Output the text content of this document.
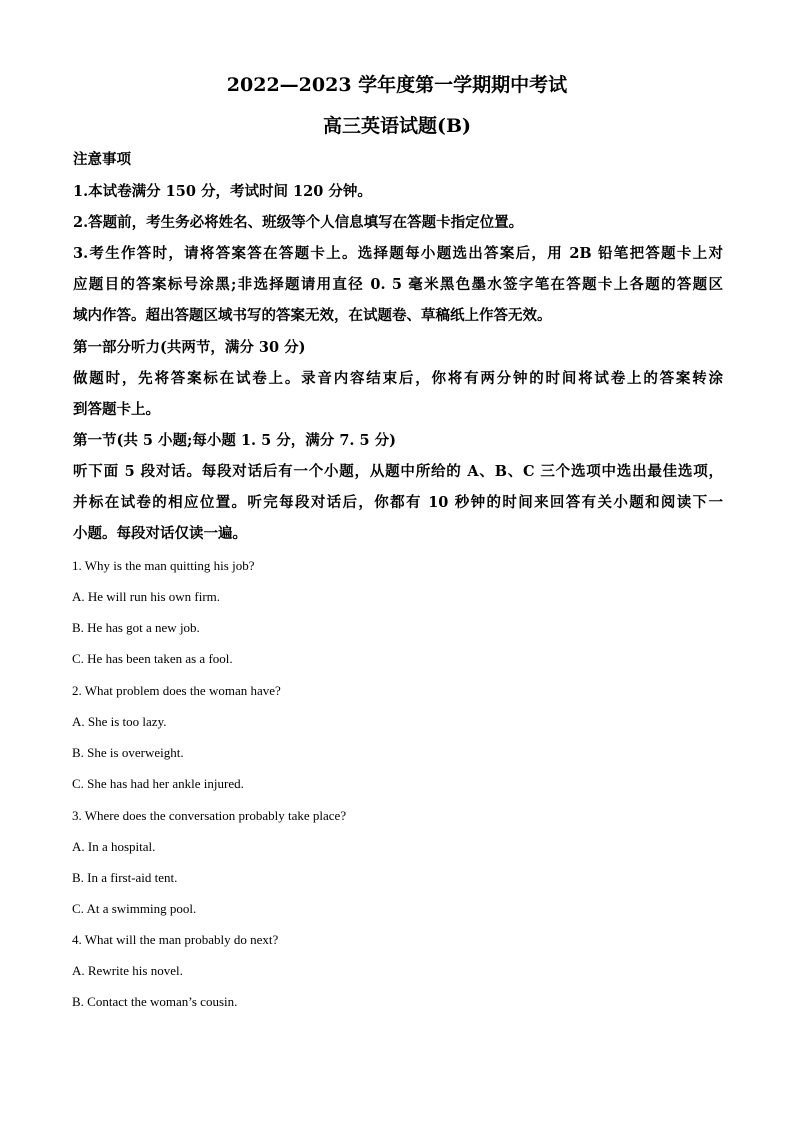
2022—2023 学年度第一学期期中考试
高三英语试题(B)
注意事项
1.本试卷满分 150 分，考试时间 120 分钟。
2.答题前，考生务必将姓名、班级等个人信息填写在答题卡指定位置。
3.考生作答时，请将答案答在答题卡上。选择题每小题选出答案后，用 2B 铅笔把答题卡上对
应题目的答案标号涂黑;非选择题请用直径 0. 5 毫米黑色墨水签字笔在答题卡上各题的答题区
域内作答。超出答题区域书写的答案无效，在试题卷、草稿纸上作答无效。
第一部分听力(共两节，满分 30 分)
做题时，先将答案标在试卷上。录音内容结束后，你将有两分钟的时间将试卷上的答案转涂
到答题卡上。
第一节(共 5 小题;每小题 1. 5 分，满分 7. 5 分)
听下面 5 段对话。每段对话后有一个小题，从题中所给的 A、B、C 三个选项中选出最佳选项，
并标在试卷的相应位置。听完每段对话后，你都有 10 秒钟的时间来回答有关小题和阅读下一
小题。每段对话仅读一遍。
1. Why is the man quitting his job?
A. He will run his own firm.
B. He has got a new job.
C. He has been taken as a fool.
2. What problem does the woman have?
A. She is too lazy.
B. She is overweight.
C. She has had her ankle injured.
3. Where does the conversation probably take place?
A. In a hospital.
B. In a first-aid tent.
C. At a swimming pool.
4. What will the man probably do next?
A. Rewrite his novel.
B. Contact the woman’s cousin.
